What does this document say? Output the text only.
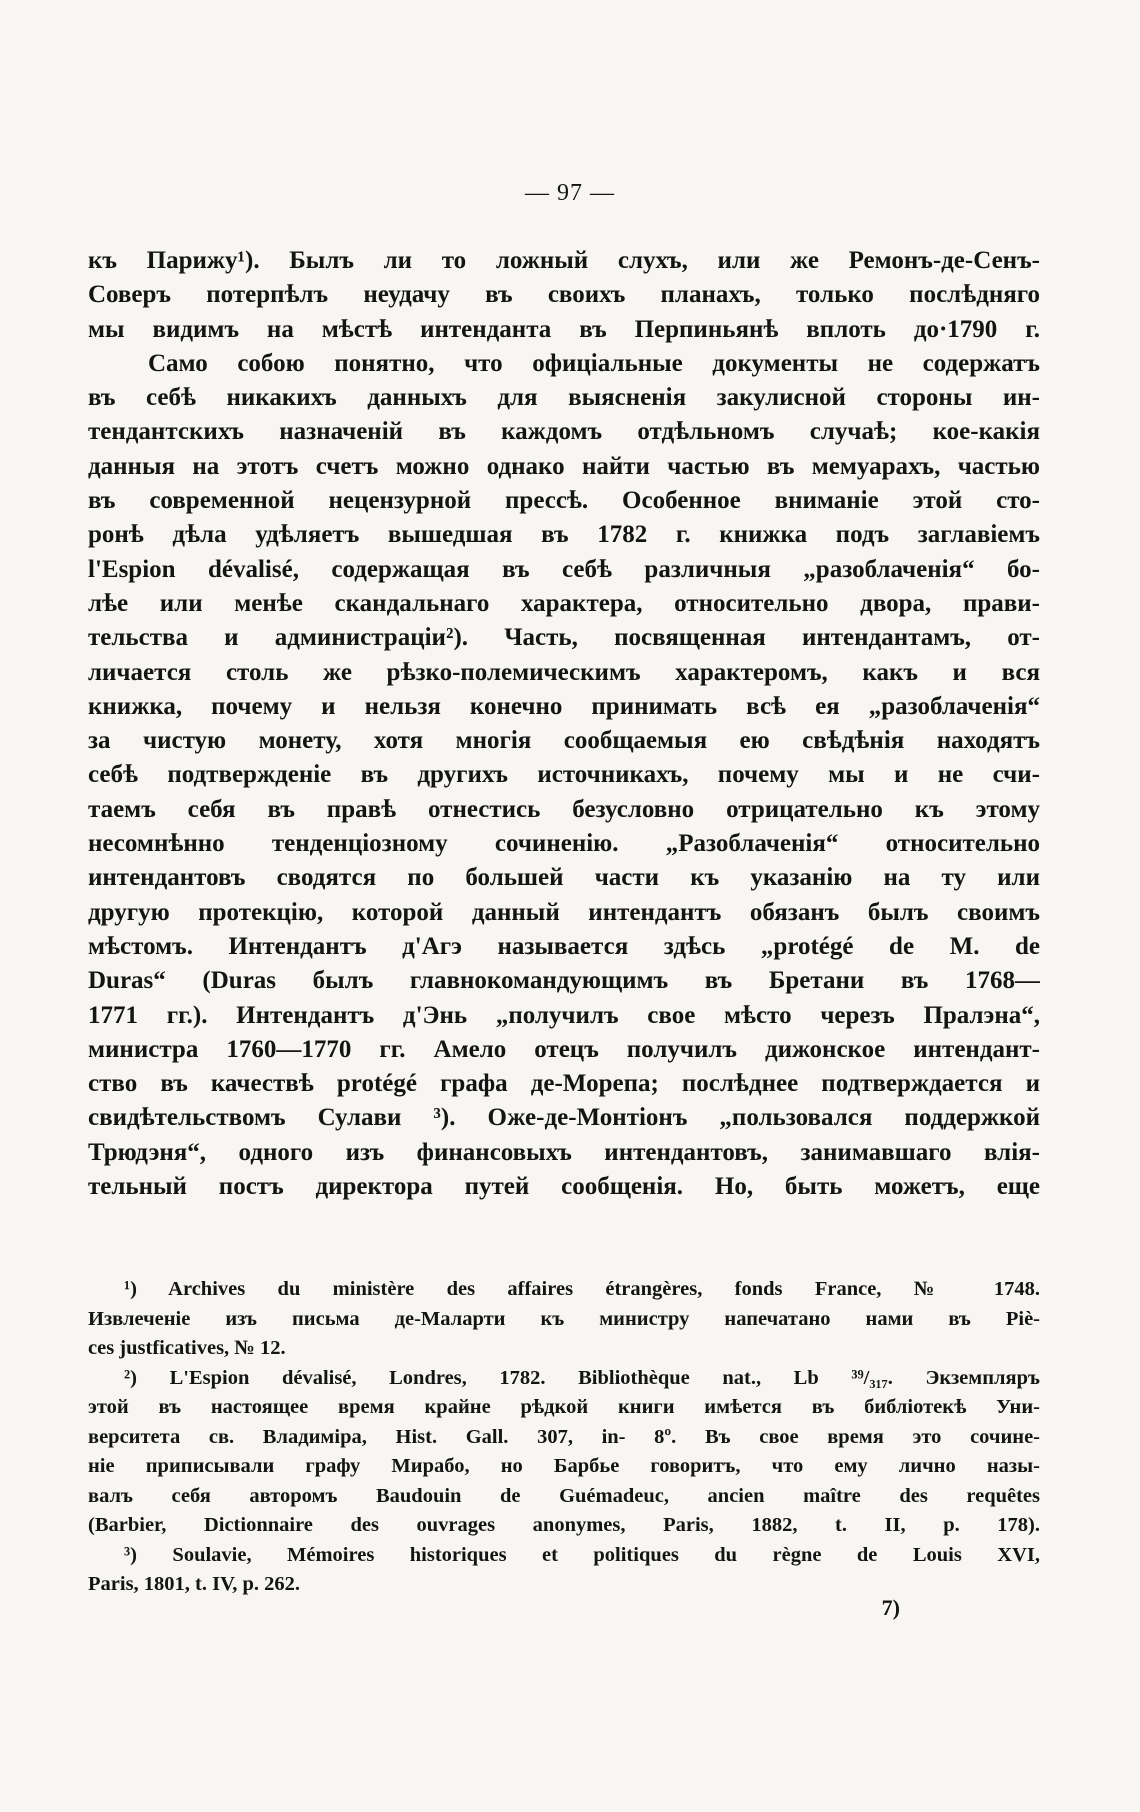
— 97 —
къ Парижу¹). Былъ ли то ложный слухъ, или же Ремонъ-де-Сенъ-
Соверъ потерпѣлъ неудачу въ своихъ планахъ, только послѣдняго
мы видимъ на мѣстѣ интенданта въ Перпиньянѣ вплоть до·1790 г.
Само собою понятно, что офиціальные документы не содержатъ
въ себѣ никакихъ данныхъ для выясненія закулисной стороны ин-
тендантскихъ назначеній въ каждомъ отдѣльномъ случаѣ; кое-какія
данныя на этотъ счетъ можно однако найти частью въ мемуарахъ, частью
въ современной нецензурной прессѣ. Особенное вниманіе этой сто-
ронѣ дѣла удѣляетъ вышедшая въ 1782 г. книжка подъ заглавіемъ
l'Espion dévalisé, содержащая въ себѣ различныя „разоблаченія“ бо-
лѣе или менѣе скандальнаго характера, относительно двора, прави-
тельства и администраціи²). Часть, посвященная интендантамъ, от-
личается столь же рѣзко-полемическимъ характеромъ, какъ и вся
книжка, почему и нельзя конечно принимать всѣ ея „разоблаченія“
за чистую монету, хотя многія сообщаемыя ею свѣдѣнія находятъ
себѣ подтвержденіе въ другихъ источникахъ, почему мы и не счи-
таемъ себя въ правѣ отнестись безусловно отрицательно къ этому
несомнѣнно тенденціозному сочиненію. „Разоблаченія“ относительно
интендантовъ сводятся по большей части къ указанію на ту или
другую протекцію, которой данный интендантъ обязанъ былъ своимъ
мѣстомъ. Интендантъ д'Агэ называется здѣсь „protégé de M. de
Duras“ (Duras былъ главнокомандующимъ въ Бретани въ 1768—
1771 гг.). Интендантъ д'Энь „получилъ свое мѣсто черезъ Пралэна“,
министра 1760—1770 гг. Амело отецъ получилъ дижонское интендант-
ство въ качествѣ protégé графа де-Морепа; послѣднее подтверждается и
свидѣтельствомъ Сулави ³). Оже-де-Монтіонъ „пользовался поддержкой
Трюдэня“, одного изъ финансовыхъ интендантовъ, занимавшаго влія-
тельный постъ директора путей сообщенія. Но, быть можетъ, еще
¹) Archives du ministère des affaires étrangères, fonds France, № 1748.
Извлеченіе изъ письма де-Маларти къ министру напечатано нами въ Piè-
ces justficatives, № 12.
²) L'Espion dévalisé, Londres, 1782. Bibliothèque nat., Lb ³⁹/₃₁₇. Экземпляръ
этой въ настоящее время крайне рѣдкой книги имѣется въ библіотекѣ Уни-
верситета св. Владиміра, Hist. Gall. 307, in- 8º. Въ свое время это сочине-
ніе приписывали графу Мирабо, но Барбье говоритъ, что ему лично назы-
валъ себя авторомъ Baudouin de Guémadeuc, ancien maître des requêtes
(Barbier, Dictionnaire des ouvrages anonymes, Paris, 1882, t. II, p. 178).
³) Soulavie, Mémoires historiques et politiques du règne de Louis XVI,
Paris, 1801, t. IV, p. 262.
7)
